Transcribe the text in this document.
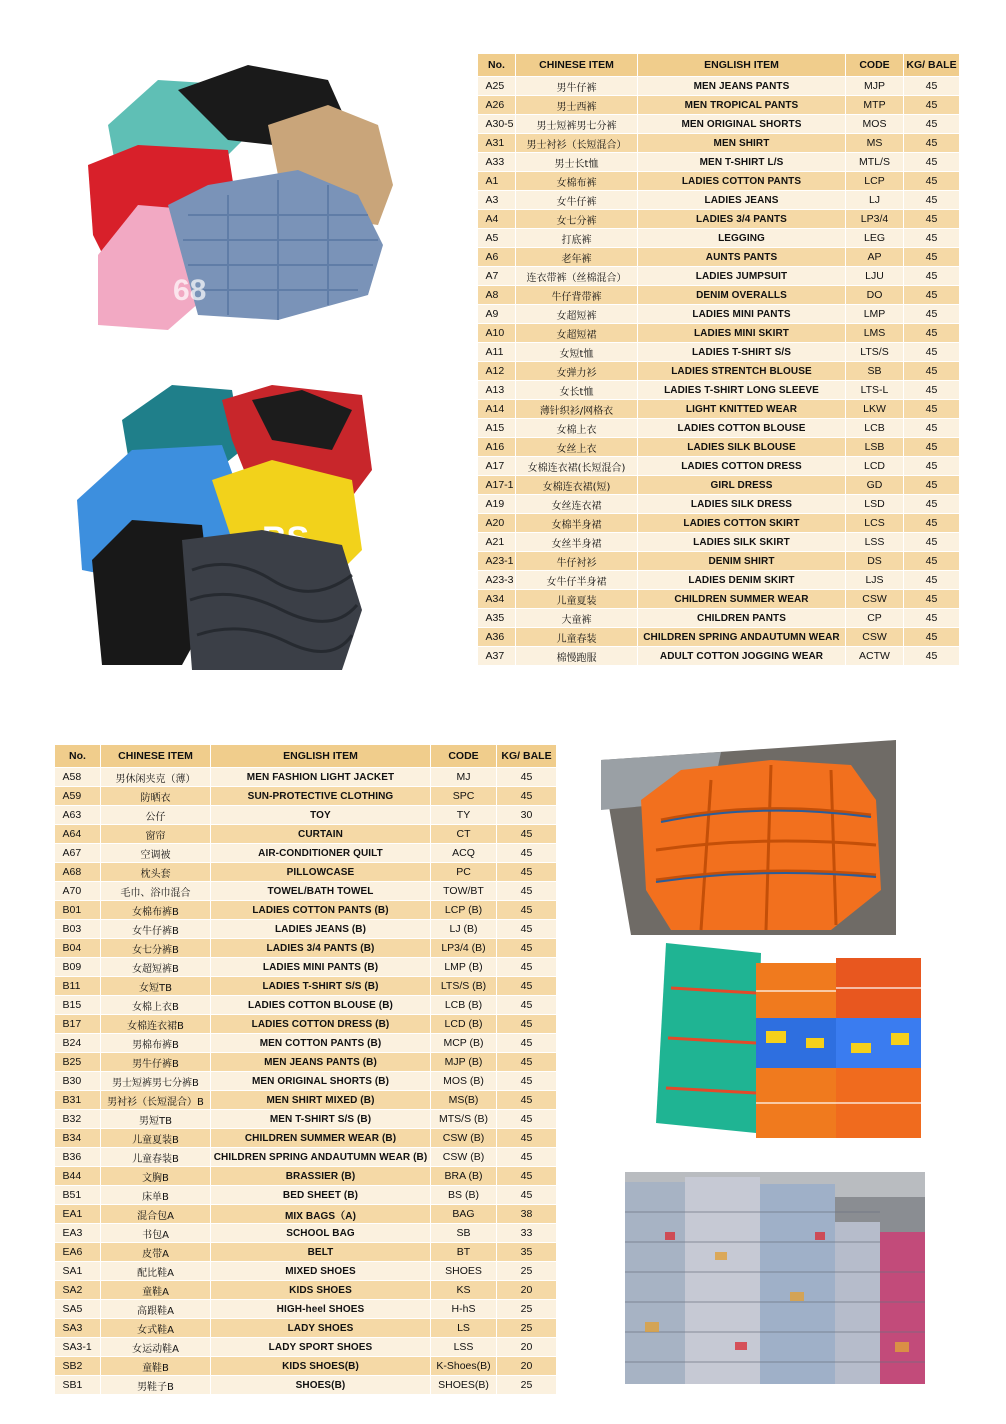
68
No.	CHINESE ITEM	ENGLISH ITEM	CODE	KG/ BALE
A25	男牛仔裤	MEN JEANS PANTS	MJP	45
A26	男士西裤	MEN TROPICAL PANTS	MTP	45
A30-5	男士短裤男七分裤	MEN ORIGINAL SHORTS	MOS	45
A31	男士衬衫（长短混合）	MEN SHIRT	MS	45
A33	男士长t恤	MEN T-SHIRT L/S	MTL/S	45
A1	女棉布裤	LADIES COTTON PANTS	LCP	45
A3	女牛仔裤	LADIES JEANS	LJ	45
A4	女七分裤	LADIES 3/4 PANTS	LP3/4	45
A5	打底裤	LEGGING	LEG	45
A6	老年裤	AUNTS PANTS	AP	45
A7	连衣带裤（丝棉混合）	LADIES JUMPSUIT	LJU	45
A8	牛仔背带裤	DENIM OVERALLS	DO	45
A9	女超短裤	LADIES MINI PANTS	LMP	45
A10	女超短裙	LADIES MINI SKIRT	LMS	45
A11	女短t恤	LADIES T-SHIRT S/S	LTS/S	45
A12	女弹力衫	LADIES STRENTCH BLOUSE	SB	45
A13	女长t恤	LADIES T-SHIRT LONG SLEEVE	LTS-L	45
A14	薄针织衫/网格衣	LIGHT KNITTED WEAR	LKW	45
A15	女棉上衣	LADIES COTTON BLOUSE	LCB	45
A16	女丝上衣	LADIES SILK BLOUSE	LSB	45
A17	女棉连衣裙(长短混合)	LADIES COTTON DRESS	LCD	45
A17-1	女棉连衣裙(短)	GIRL DRESS	GD	45
A19	女丝连衣裙	LADIES SILK DRESS	LSD	45
A20	女棉半身裙	LADIES COTTON SKIRT	LCS	45
A21	女丝半身裙	LADIES SILK SKIRT	LSS	45
A23-1	牛仔衬衫	DENIM SHIRT	DS	45
A23-3	女牛仔半身裙	LADIES DENIM SKIRT	LJS	45
A34	儿童夏装	CHILDREN SUMMER WEAR	CSW	45
A35	大童裤	CHILDREN PANTS	CP	45
A36	儿童春装	CHILDREN SPRING ANDAUTUMN WEAR	CSW	45
A37	棉慢跑服	ADULT COTTON JOGGING WEAR	ACTW	45
No.	CHINESE ITEM	ENGLISH ITEM	CODE	KG/ BALE
A58	男休闲夹克（薄）	MEN FASHION LIGHT JACKET	MJ	45
A59	防晒衣	SUN-PROTECTIVE CLOTHING	SPC	45
A63	公仔	TOY	TY	30
A64	窗帘	CURTAIN	CT	45
A67	空调被	AIR-CONDITIONER QUILT	ACQ	45
A68	枕头套	PILLOWCASE	PC	45
A70	毛巾、浴巾混合	TOWEL/BATH TOWEL	TOW/BT	45
B01	女棉布裤B	LADIES COTTON PANTS (B)	LCP (B)	45
B03	女牛仔裤B	LADIES JEANS (B)	LJ (B)	45
B04	女七分裤B	LADIES 3/4 PANTS (B)	LP3/4 (B)	45
B09	女超短裤B	LADIES MINI PANTS (B)	LMP (B)	45
B11	女短TB	LADIES T-SHIRT S/S (B)	LTS/S (B)	45
B15	女棉上衣B	LADIES COTTON BLOUSE (B)	LCB (B)	45
B17	女棉连衣裙B	LADIES COTTON DRESS (B)	LCD (B)	45
B24	男棉布裤B	MEN COTTON PANTS (B)	MCP (B)	45
B25	男牛仔裤B	MEN JEANS PANTS (B)	MJP (B)	45
B30	男士短裤男七分裤B	MEN ORIGINAL SHORTS (B)	MOS (B)	45
B31	男衬衫（长短混合）B	MEN SHIRT MIXED (B)	MS(B)	45
B32	男短TB	MEN T-SHIRT S/S (B)	MTS/S (B)	45
B34	儿童夏装B	CHILDREN SUMMER WEAR (B)	CSW (B)	45
B36	儿童春装B	CHILDREN SPRING ANDAUTUMN WEAR (B)	CSW (B)	45
B44	文胸B	BRASSIER (B)	BRA (B)	45
B51	床单B	BED SHEET (B)	BS (B)	45
EA1	混合包A	MIX BAGS（A)	BAG	38
EA3	书包A	SCHOOL BAG	SB	33
EA6	皮带A	BELT	BT	35
SA1	配比鞋A	MIXED SHOES	SHOES	25
SA2	童鞋A	KIDS SHOES	KS	20
SA5	高跟鞋A	HIGH-heel SHOES	H-hS	25
SA3	女式鞋A	LADY SHOES	LS	25
SA3-1	女运动鞋A	LADY SPORT SHOES	LSS	20
SB2	童鞋B	KIDS SHOES(B)	K-Shoes(B)	20
SB1	男鞋子B	SHOES(B)	SHOES(B)	25
